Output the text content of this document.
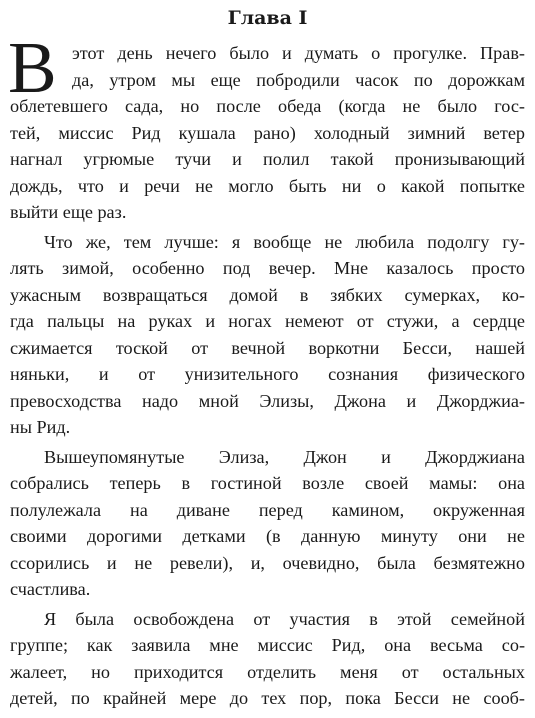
Глава I
В этот день нечего было и думать о прогулке. Прав-
да, утром мы еще побродили часок по дорожкам
облетевшего сада, но после обеда (когда не было гос-
тей, миссис Рид кушала рано) холодный зимний ветер
нагнал угрюмые тучи и полил такой пронизывающий
дождь, что и речи не могло быть ни о какой попытке
выйти еще раз.
Что же, тем лучше: я вообще не любила подолгу гу-
лять зимой, особенно под вечер. Мне казалось просто
ужасным возвращаться домой в зябких сумерках, ко-
гда пальцы на руках и ногах немеют от стужи, а сердце
сжимается тоской от вечной воркотни Бесси, нашей
няньки, и от унизительного сознания физического
превосходства надо мной Элизы, Джона и Джорджиа-
ны Рид.
Вышеупомянутые Элиза, Джон и Джорджиана
собрались теперь в гостиной возле своей мамы: она
полулежала на диване перед камином, окруженная
своими дорогими детками (в данную минуту они не
ссорились и не ревели), и, очевидно, была безмятежно
счастлива.
Я была освобождена от участия в этой семейной
группе; как заявила мне миссис Рид, она весьма со-
жалеет, но приходится отделить меня от остальных
детей, по крайней мере до тех пор, пока Бесси не сооб-
